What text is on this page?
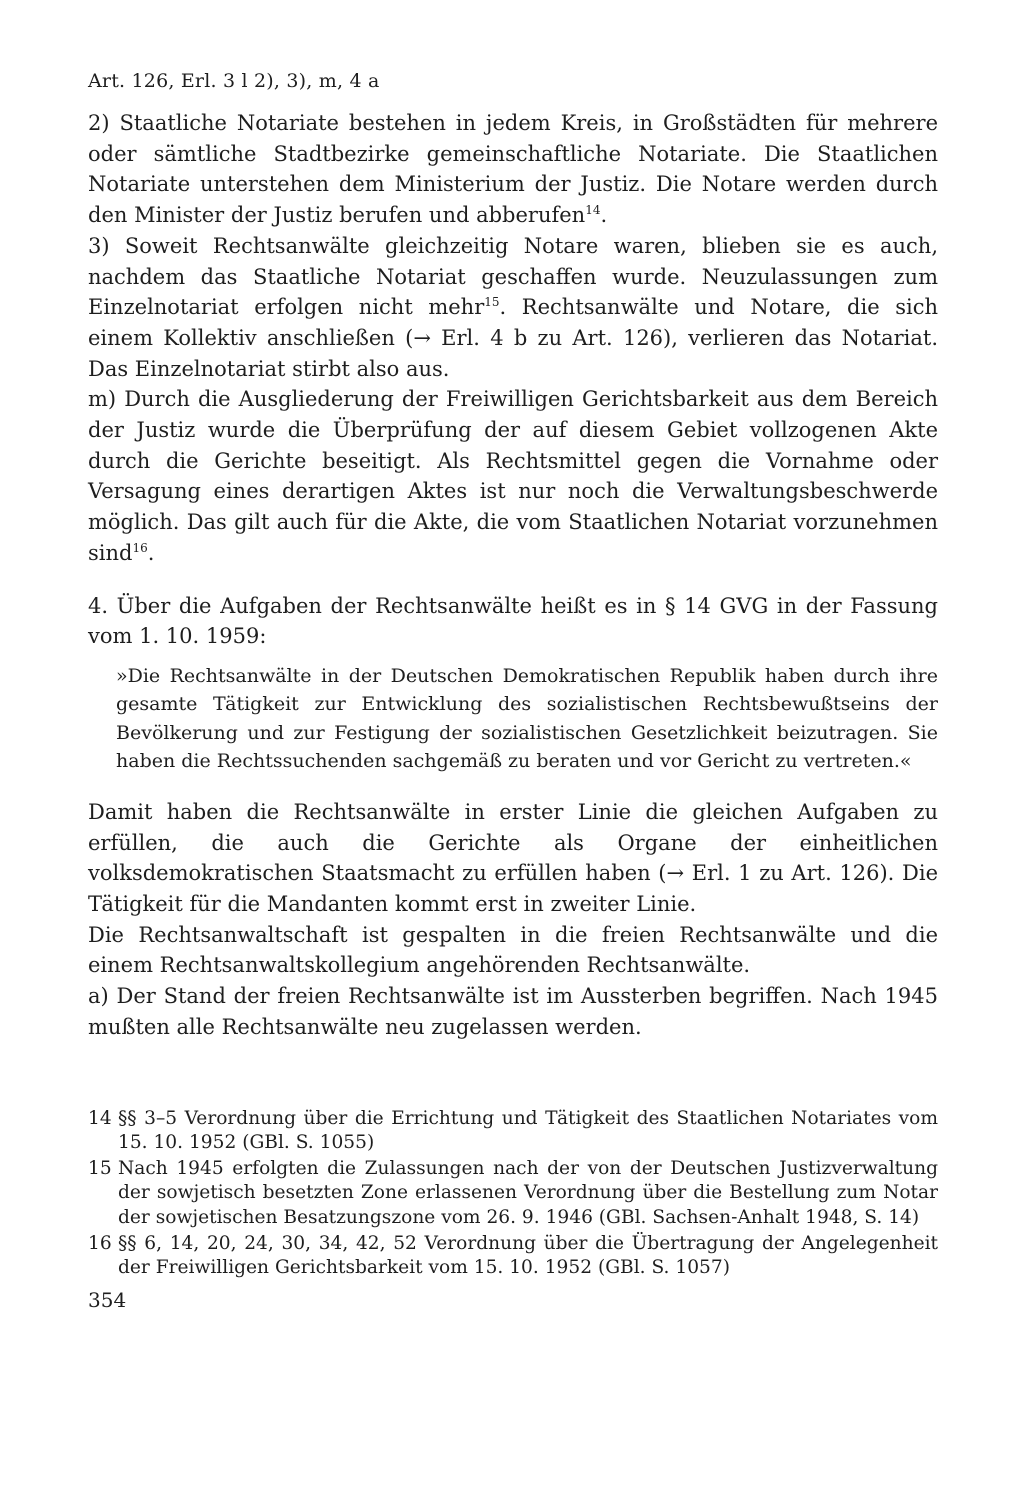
Art. 126, Erl. 3 l 2), 3), m, 4 a

2) Staatliche Notariate bestehen in jedem Kreis, in Großstädten für mehrere oder sämtliche Stadtbezirke gemeinschaftliche Notariate. Die Staatlichen Notariate unterstehen dem Ministerium der Justiz. Die Notare werden durch den Minister der Justiz berufen und abberufen$^{14}$.

3) Soweit Rechtsanwälte gleichzeitig Notare waren, blieben sie es auch, nachdem das Staatliche Notariat geschaffen wurde. Neuzulassungen zum Einzelnotariat erfolgen nicht mehr$^{15}$. Rechtsanwälte und Notare, die sich einem Kollektiv anschließen (→ Erl. 4 b zu Art. 126), verlieren das Notariat. Das Einzelnotariat stirbt also aus.

m) Durch die Ausgliederung der Freiwilligen Gerichtsbarkeit aus dem Bereich der Justiz wurde die Überprüfung der auf diesem Gebiet vollzogenen Akte durch die Gerichte beseitigt. Als Rechtsmittel gegen die Vornahme oder Versagung eines derartigen Aktes ist nur noch die Verwaltungsbeschwerde möglich. Das gilt auch für die Akte, die vom Staatlichen Notariat vorzunehmen sind$^{16}$.

4. Über die Aufgaben der Rechtsanwälte heißt es in § 14 GVG in der Fassung vom 1. 10. 1959:

»Die Rechtsanwälte in der Deutschen Demokratischen Republik haben durch ihre gesamte Tätigkeit zur Entwicklung des sozialistischen Rechtsbewußtseins der Bevölkerung und zur Festigung der sozialistischen Gesetzlichkeit beizutragen. Sie haben die Rechtssuchenden sachgemäß zu beraten und vor Gericht zu vertreten.«

Damit haben die Rechtsanwälte in erster Linie die gleichen Aufgaben zu erfüllen, die auch die Gerichte als Organe der einheitlichen volksdemokratischen Staatsmacht zu erfüllen haben (→ Erl. 1 zu Art. 126). Die Tätigkeit für die Mandanten kommt erst in zweiter Linie.

Die Rechtsanwaltschaft ist gespalten in die freien Rechtsanwälte und die einem Rechtsanwaltskollegium angehörenden Rechtsanwälte.

a) Der Stand der freien Rechtsanwälte ist im Aussterben begriffen. Nach 1945 mußten alle Rechtsanwälte neu zugelassen werden.

14 §§ 3–5 Verordnung über die Errichtung und Tätigkeit des Staatlichen Notariates vom 15. 10. 1952 (GBl. S. 1055)
15 Nach 1945 erfolgten die Zulassungen nach der von der Deutschen Justizverwaltung der sowjetisch besetzten Zone erlassenen Verordnung über die Bestellung zum Notar der sowjetischen Besatzungszone vom 26. 9. 1946 (GBl. Sachsen-Anhalt 1948, S. 14)
16 §§ 6, 14, 20, 24, 30, 34, 42, 52 Verordnung über die Übertragung der Angelegenheit der Freiwilligen Gerichtsbarkeit vom 15. 10. 1952 (GBl. S. 1057)
354
